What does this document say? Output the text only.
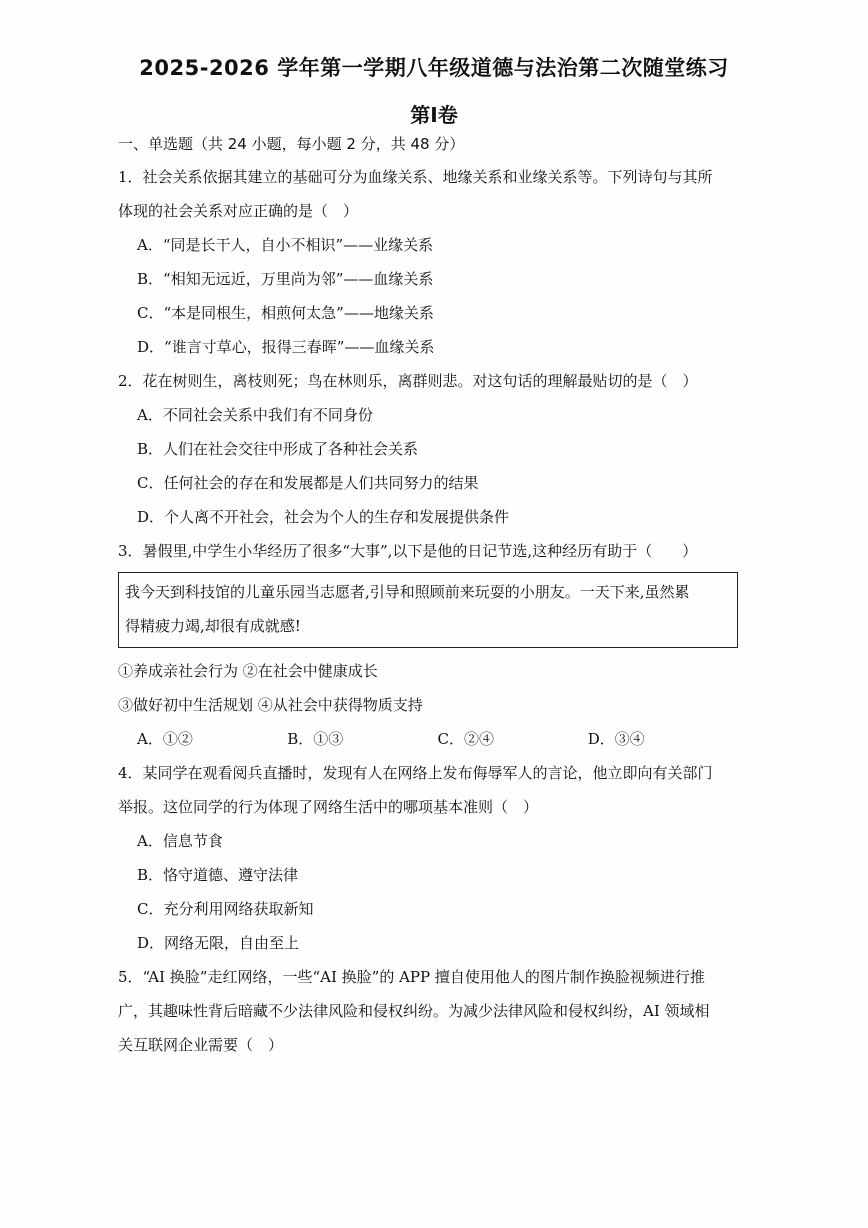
2025-2026 学年第一学期八年级道德与法治第二次随堂练习
第Ⅰ卷
一、单选题（共 24 小题，每小题 2 分，共 48 分）
1．社会关系依据其建立的基础可分为血缘关系、地缘关系和业缘关系等。下列诗句与其所
体现的社会关系对应正确的是（　）
A．“同是长干人，自小不相识”——业缘关系
B．“相知无远近，万里尚为邻”——血缘关系
C．“本是同根生，相煎何太急”——地缘关系
D．“谁言寸草心，报得三春晖”——血缘关系
2．花在树则生，离枝则死；鸟在林则乐，离群则悲。对这句话的理解最贴切的是（　）
A．不同社会关系中我们有不同身份
B．人们在社会交往中形成了各种社会关系
C．任何社会的存在和发展都是人们共同努力的结果
D．个人离不开社会，社会为个人的生存和发展提供条件
3．暑假里,中学生小华经历了很多“大事”,以下是他的日记节选,这种经历有助于（　　）
我今天到科技馆的儿童乐园当志愿者,引导和照顾前来玩耍的小朋友。一天下来,虽然累
得精疲力竭,却很有成就感!
①养成亲社会行为 ②在社会中健康成长
③做好初中生活规划 ④从社会中获得物质支持
A．①②	B．①③	C．②④	D．③④
4．某同学在观看阅兵直播时，发现有人在网络上发布侮辱军人的言论，他立即向有关部门
举报。这位同学的行为体现了网络生活中的哪项基本准则（　）
A．信息节食
B．恪守道德、遵守法律
C．充分利用网络获取新知
D．网络无限，自由至上
5．“AI 换脸”走红网络，一些“AI 换脸”的 APP 擅自使用他人的图片制作换脸视频进行推
广，其趣味性背后暗藏不少法律风险和侵权纠纷。为减少法律风险和侵权纠纷，AI 领域相
关互联网企业需要（　）
